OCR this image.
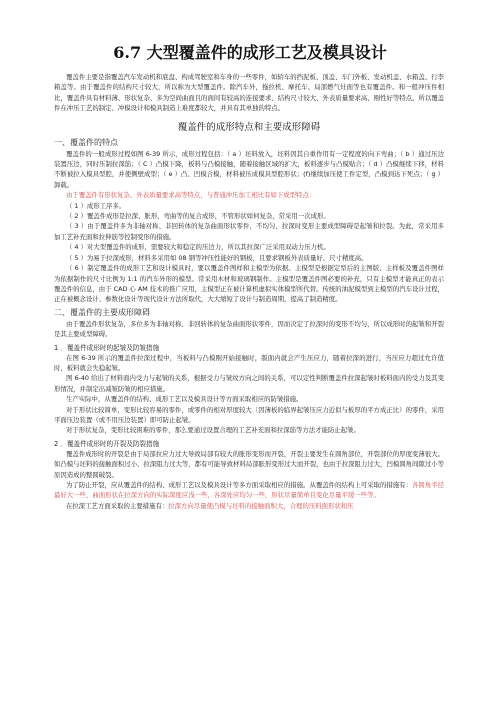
6.7 大型覆盖件的成形工艺及模具设计

覆盖件主要是指覆盖汽车发动机和底盘、构成驾驶室和车身的一些零件，如轿车的挡泥板、顶盖、车门外板、发动机盖、水箱盖、行李箱盖等。由于覆盖件的结构尺寸较大，所以称为大型覆盖件。除汽车外，拖拉机、摩托车、局部燃气灶面等也有覆盖件。和一般冲压件相比，覆盖件具有材料薄、形状复杂、多为空间曲面且的面间有较高的连接要求、结构尺寸较大、外表质量要求高、刚性好等特点。所以覆盖件在冲压工艺的制定、冲模设计和模具制造上难度都较大，并具有其单独的特点。

覆盖件的成形特点和主要成形障碍
一、覆盖件的特点

覆盖件的一般成形过程如图 6-39 所示，成形过程包括：（ a ）坯料放入，坯料因其自重作用有一定程度的向下弯曲；（ b ）通过压边装置压边，同时压制拉深筋；（ C ）凸模下降，板料与凸模接触，随着接触区域的扩大，板料逐步与凸模贴合；（ d ）凸模继续下移，材料不断被拉入模具型腔，并使侧壁成型；（ e ）凸、凹模合模，材料被压成模具型腔形状；(f)继续加压使工件定型，凸模到达下死点；（ g ）卸载。

由于覆盖件有形状复杂、外表质量要求高等特点，与普通冲压加工相比有如下成型特点：

（ 1 ）成形工序多。

（ 2 ）覆盖件成形是拉深、胀形、弯曲等的复合成形，不管形状如何复杂，常采用一次成形。

（ 3 ）由于覆盖件多为非轴对称、非回转体的复杂曲面形状零件，不均匀，拉深时变形主要成型障碍是起皱和拉裂。为此，常采用多加工艺补充面和拉伸筋等控制变形的措施。

（ 4 ）对大型覆盖件的成形，需要较大和稳定的压边力，所以其拉深广泛采用双动力压力机。

（ 5 ）为易于拉深成形，材料多采用如 08 钢等冲压性能好的钢板，且要求钢板外表质量好、尺寸精度高。

（ 6 ）制定覆盖件的成形工艺和设计模具时，要以覆盖件图样和主模型为依据。主模型是根据定型后的主图版、主样板及覆盖件图样为依据制作的尺寸比例为 1:1 的汽车外形的模型。常采用木材和玻璃钢制作。主模型是覆盖件图必要的补充，只有主模型才能真正的表示覆盖件的信息，由于 CAD 心 AM 技术的推广应用，主模型正在被计算机虚拟实体模型所代替。传统的油泥模型到主模型的汽车设计过程，正在被概念设计、参数化设计等现代设计方法所取代，大大缩短了设计与制造周期，提高了制造精度。

二、覆盖件的主要成形障碍

由于覆盖件形状复杂，多位多为非轴对称、非回转体的复杂曲面形状零件，因而决定了拉深时的变形不均匀，所以成形时的起皱和开裂是其主要成型障碍。

1 ．覆盖件成形时的起皱及防皱措施

在图 6-39 所示的覆盖件拉深过程中，当板料与凸模刚开始接触时，版面内就会产生压应力，随着拉深的进行，当压应力超过允许值时，板料就会失稳起皱。

图 6-40 给出了材料面内受力与起皱的关系，根据受力与皱纹方向之间的关系，可以定性判断覆盖件拉深起皱时板料面内的受力及其变形情况，并制定出减皱防皱的相应措施。

生产实际中，从覆盖件的结构、成形工艺以及模具设计等方面采取相应的防皱措施。

对于形状比较简单，变形比较容易的零件，或零件的相对厚度较大〔因薄板的临界起皱压应力近似与板厚的平方成正比）的零件，采用平面压边装置（或不用压边装置）即可防止起皱。

对于形状复杂，变形比较困难的零件，那么要通过设置合理的工艺补充面和拉深筋等方法才能防止起皱。

2 ．覆盖件成形时的开裂及防裂措施

覆盖件成形时的开裂是由于局部拉应力过大导致局部有较大的胀形变形而开裂，开裂主要发生在圆角部位，开裂部位的厚度变薄很大。如凸模与坯料的接触面积过小、拉深阻力过大等，都有可能导致材料局部胀形变形过大而开裂，也由于拉深阻力过大，凹模圆角间隙过小等原因造成的整圆破裂。

为了防止开裂，应从覆盖件的结构、成形工艺以及模具设计等多方面采取相应的措施。从覆盖件的结构上可采取的措施有：各圆角半径最好大一些，曲面形状在拉深方向的实际深度应浅一些，各深处应均匀一些，形状尽量简单且变化尽量平缓一些等。

在拉深工艺方面采取的主要措施有：拉深方向尽量使凸模与坯料的接触面积大，合理的压料面形状和压
